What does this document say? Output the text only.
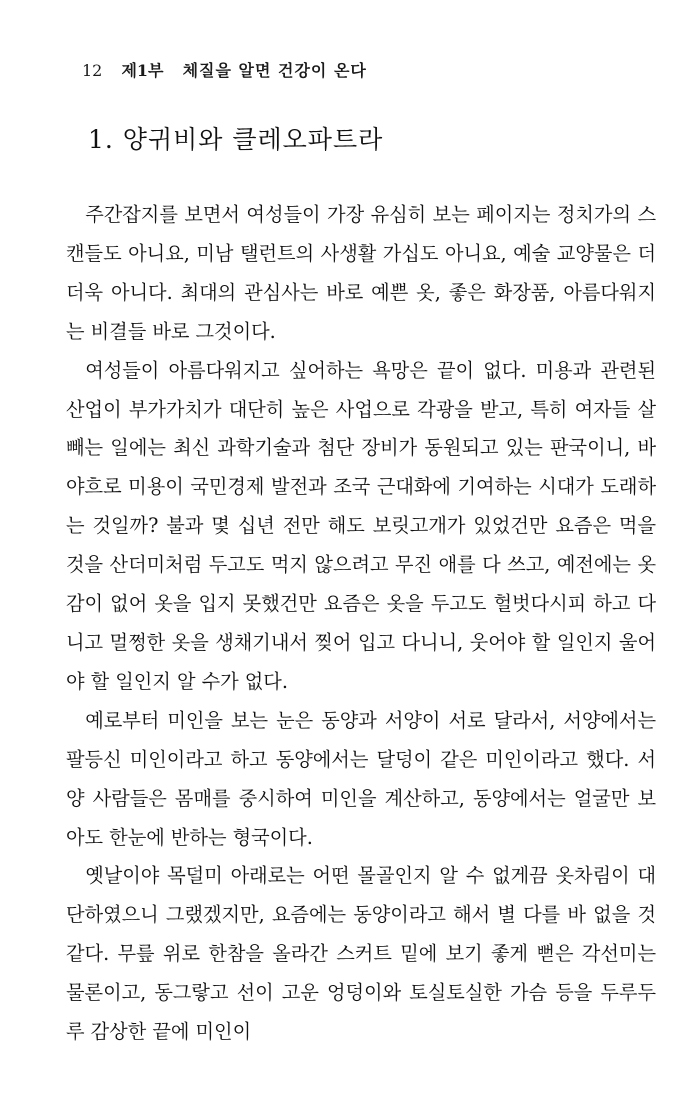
12 제1부 체질을 알면 건강이 온다
1. 양귀비와 클레오파트라

주간잡지를 보면서 여성들이 가장 유심히 보는 페이지는 정치가의 스캔들도 아니요, 미남 탤런트의 사생활 가십도 아니요, 예술 교양물은 더더욱 아니다. 최대의 관심사는 바로 예쁜 옷, 좋은 화장품, 아름다워지는 비결들 바로 그것이다.

여성들이 아름다워지고 싶어하는 욕망은 끝이 없다. 미용과 관련된 산업이 부가가치가 대단히 높은 사업으로 각광을 받고, 특히 여자들 살빼는 일에는 최신 과학기술과 첨단 장비가 동원되고 있는 판국이니, 바야흐로 미용이 국민경제 발전과 조국 근대화에 기여하는 시대가 도래하는 것일까? 불과 몇 십년 전만 해도 보릿고개가 있었건만 요즘은 먹을 것을 산더미처럼 두고도 먹지 않으려고 무진 애를 다 쓰고, 예전에는 옷감이 없어 옷을 입지 못했건만 요즘은 옷을 두고도 헐벗다시피 하고 다니고 멀쩡한 옷을 생채기내서 찢어 입고 다니니, 웃어야 할 일인지 울어야 할 일인지 알 수가 없다.

예로부터 미인을 보는 눈은 동양과 서양이 서로 달라서, 서양에서는 팔등신 미인이라고 하고 동양에서는 달덩이 같은 미인이라고 했다. 서양 사람들은 몸매를 중시하여 미인을 계산하고, 동양에서는 얼굴만 보아도 한눈에 반하는 형국이다.

옛날이야 목덜미 아래로는 어떤 몰골인지 알 수 없게끔 옷차림이 대단하였으니 그랬겠지만, 요즘에는 동양이라고 해서 별 다를 바 없을 것 같다. 무릎 위로 한참을 올라간 스커트 밑에 보기 좋게 뻗은 각선미는 물론이고, 동그랗고 선이 고운 엉덩이와 토실토실한 가슴 등을 두루두루 감상한 끝에 미인이
